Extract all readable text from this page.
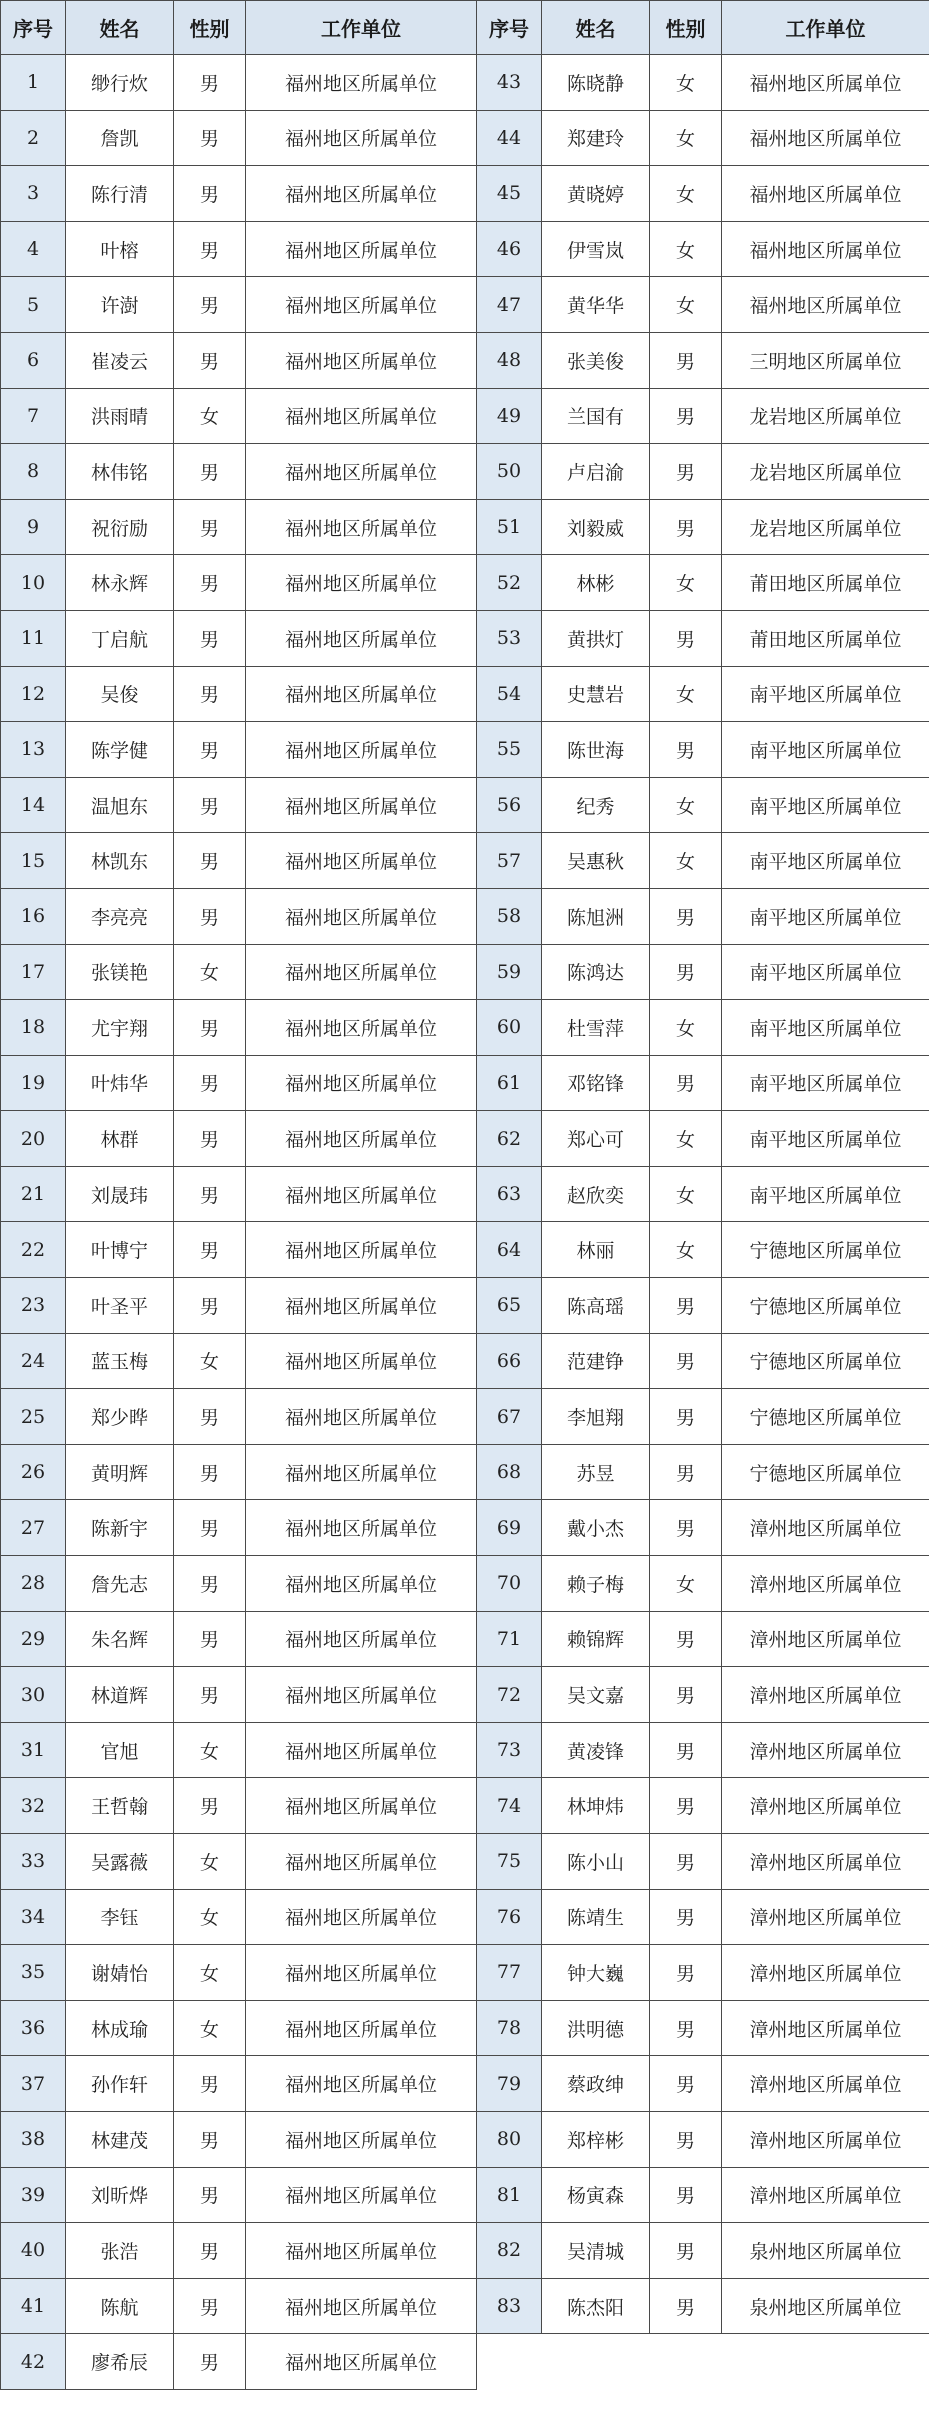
序号	姓名	性别	工作单位	序号	姓名	性别	工作单位
1	缈行炊	男	福州地区所属单位	43	陈晓静	女	福州地区所属单位
2	詹凯	男	福州地区所属单位	44	郑建玲	女	福州地区所属单位
3	陈行清	男	福州地区所属单位	45	黄晓婷	女	福州地区所属单位
4	叶榕	男	福州地区所属单位	46	伊雪岚	女	福州地区所属单位
5	许澍	男	福州地区所属单位	47	黄华华	女	福州地区所属单位
6	崔凌云	男	福州地区所属单位	48	张美俊	男	三明地区所属单位
7	洪雨晴	女	福州地区所属单位	49	兰国有	男	龙岩地区所属单位
8	林伟铭	男	福州地区所属单位	50	卢启渝	男	龙岩地区所属单位
9	祝衍励	男	福州地区所属单位	51	刘毅威	男	龙岩地区所属单位
10	林永辉	男	福州地区所属单位	52	林彬	女	莆田地区所属单位
11	丁启航	男	福州地区所属单位	53	黄拱灯	男	莆田地区所属单位
12	吴俊	男	福州地区所属单位	54	史慧岩	女	南平地区所属单位
13	陈学健	男	福州地区所属单位	55	陈世海	男	南平地区所属单位
14	温旭东	男	福州地区所属单位	56	纪秀	女	南平地区所属单位
15	林凯东	男	福州地区所属单位	57	吴惠秋	女	南平地区所属单位
16	李亮亮	男	福州地区所属单位	58	陈旭洲	男	南平地区所属单位
17	张镁艳	女	福州地区所属单位	59	陈鸿达	男	南平地区所属单位
18	尤宇翔	男	福州地区所属单位	60	杜雪萍	女	南平地区所属单位
19	叶炜华	男	福州地区所属单位	61	邓铭锋	男	南平地区所属单位
20	林群	男	福州地区所属单位	62	郑心可	女	南平地区所属单位
21	刘晟玮	男	福州地区所属单位	63	赵欣奕	女	南平地区所属单位
22	叶博宁	男	福州地区所属单位	64	林丽	女	宁德地区所属单位
23	叶圣平	男	福州地区所属单位	65	陈高瑶	男	宁德地区所属单位
24	蓝玉梅	女	福州地区所属单位	66	范建铮	男	宁德地区所属单位
25	郑少晔	男	福州地区所属单位	67	李旭翔	男	宁德地区所属单位
26	黄明辉	男	福州地区所属单位	68	苏昱	男	宁德地区所属单位
27	陈新宇	男	福州地区所属单位	69	戴小杰	男	漳州地区所属单位
28	詹先志	男	福州地区所属单位	70	赖子梅	女	漳州地区所属单位
29	朱名辉	男	福州地区所属单位	71	赖锦辉	男	漳州地区所属单位
30	林道辉	男	福州地区所属单位	72	吴文嘉	男	漳州地区所属单位
31	官旭	女	福州地区所属单位	73	黄凌锋	男	漳州地区所属单位
32	王哲翰	男	福州地区所属单位	74	林坤炜	男	漳州地区所属单位
33	吴露薇	女	福州地区所属单位	75	陈小山	男	漳州地区所属单位
34	李钰	女	福州地区所属单位	76	陈靖生	男	漳州地区所属单位
35	谢婧怡	女	福州地区所属单位	77	钟大巍	男	漳州地区所属单位
36	林成瑜	女	福州地区所属单位	78	洪明德	男	漳州地区所属单位
37	孙作轩	男	福州地区所属单位	79	蔡政绅	男	漳州地区所属单位
38	林建茂	男	福州地区所属单位	80	郑梓彬	男	漳州地区所属单位
39	刘昕烨	男	福州地区所属单位	81	杨寅森	男	漳州地区所属单位
40	张浩	男	福州地区所属单位	82	吴清城	男	泉州地区所属单位
41	陈航	男	福州地区所属单位	83	陈杰阳	男	泉州地区所属单位
42	廖希辰	男	福州地区所属单位				
